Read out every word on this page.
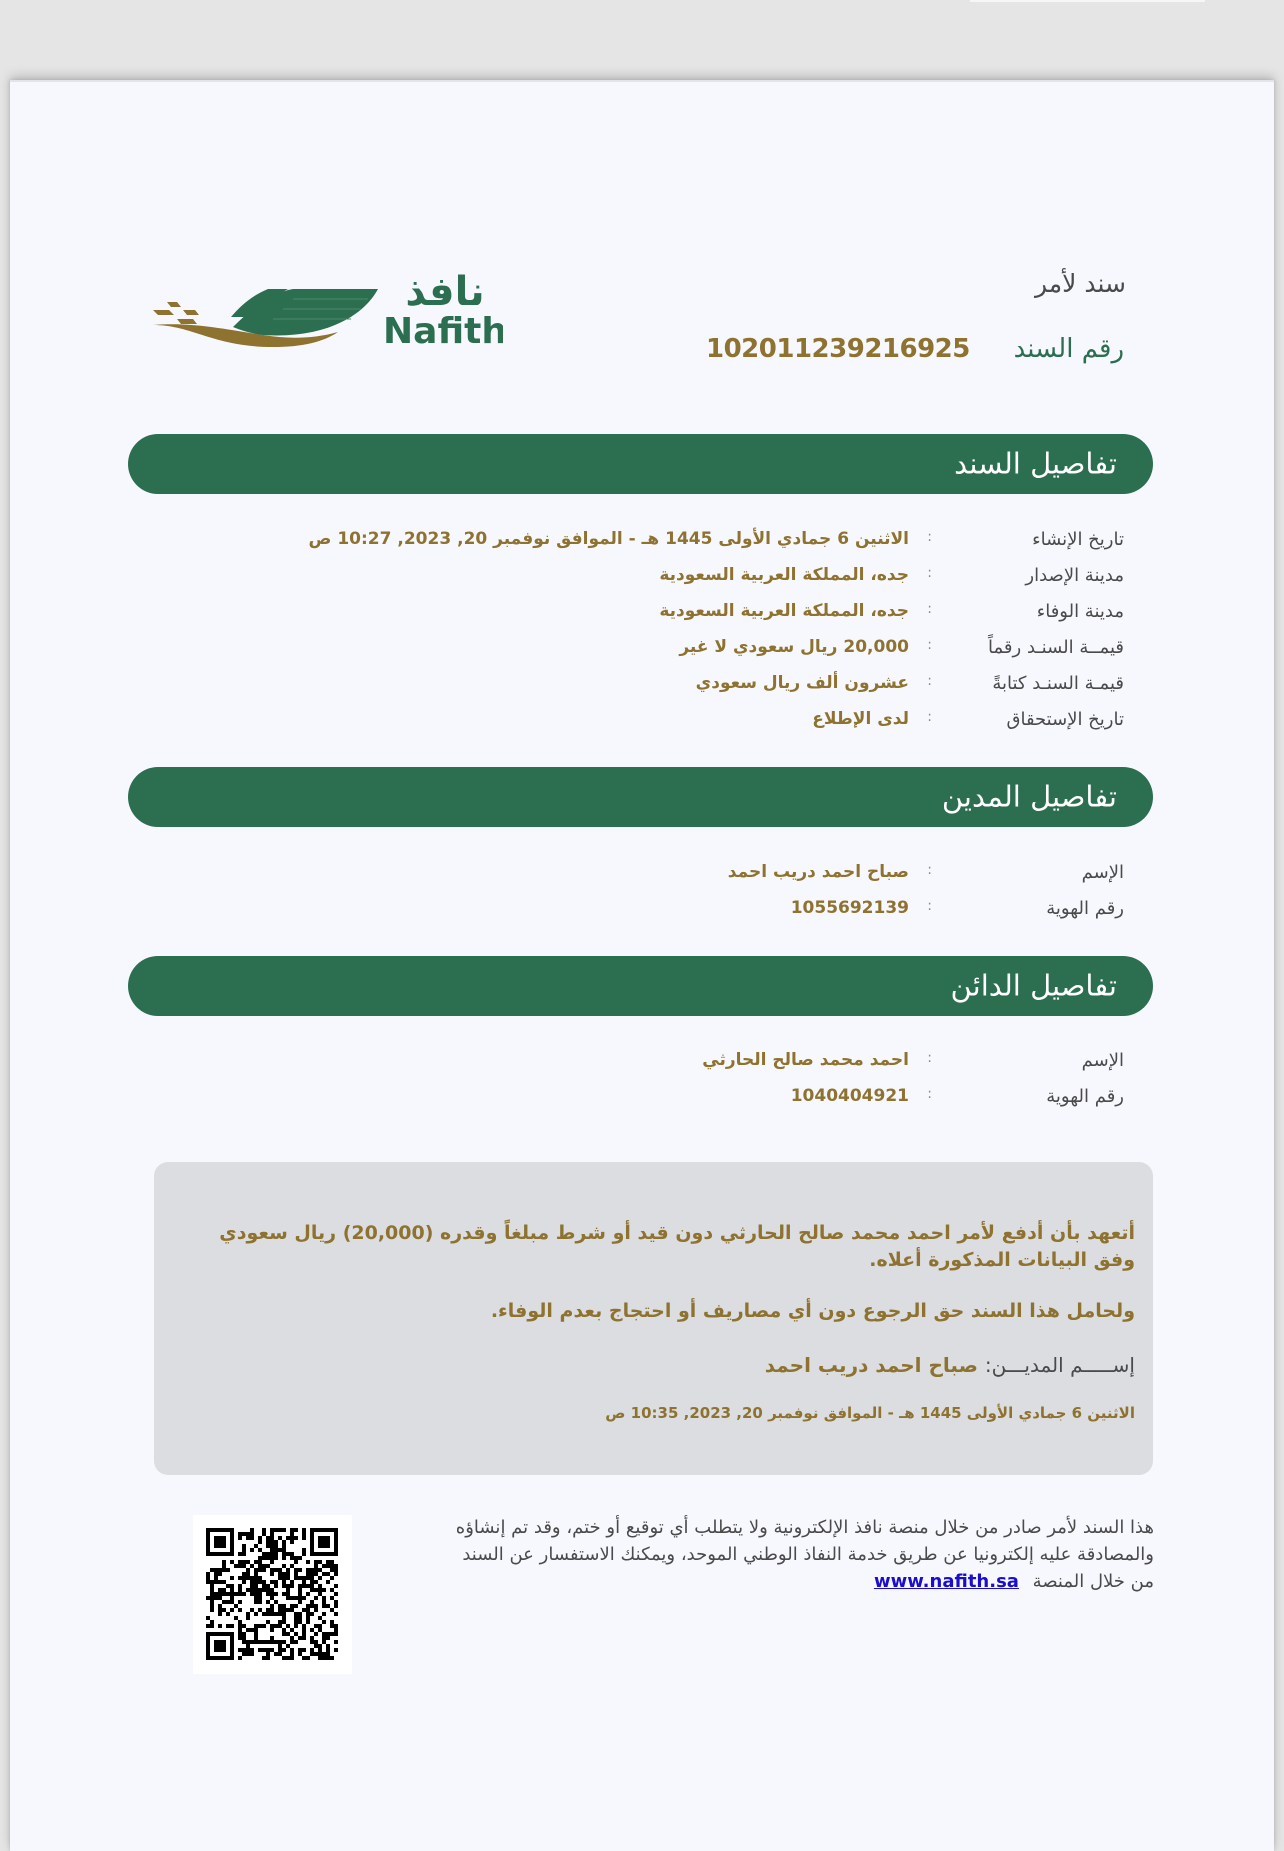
نافذ
Nafith
سند لأمر
رقم السند
102011239216925
تفاصيل السند
تاريخ الإنشاء
:
الاثنين 6 جمادي الأولى 1445 هـ - الموافق نوفمبر 20, 2023, 10:27 ص
مدينة الإصدار
:
جده، المملكة العربية السعودية
مدينة الوفاء
:
جده، المملكة العربية السعودية
قيمــة السنـد رقماً
:
20,000 ريال سعودي لا غير
قيمـة السنـد كتابةً
:
عشرون ألف ريال سعودي
تاريخ الإستحقاق
:
لدى الإطلاع
تفاصيل المدين
الإسم
:
صباح احمد دريب احمد
رقم الهوية
:
1055692139
تفاصيل الدائن
الإسم
:
احمد محمد صالح الحارثي
رقم الهوية
:
1040404921
أتعهد بأن أدفع لأمر احمد محمد صالح الحارثي دون قيد أو شرط مبلغاً وقدره (20,000) ريال سعودي وفق البيانات المذكورة أعلاه.
ولحامل هذا السند حق الرجوع دون أي مصاريف أو احتجاج بعدم الوفاء.
إســـــم المديـــن: صباح احمد دريب احمد
الاثنين 6 جمادي الأولى 1445 هـ - الموافق نوفمبر 20, 2023, 10:35 ص
هذا السند لأمر صادر من خلال منصة نافذ الإلكترونية ولا يتطلب أي توقيع أو ختم، وقد تم إنشاؤه والمصادقة عليه إلكترونيا عن طريق خدمة النفاذ الوطني الموحد، ويمكنك الاستفسار عن السند من خلال المنصة www.nafith.sa
